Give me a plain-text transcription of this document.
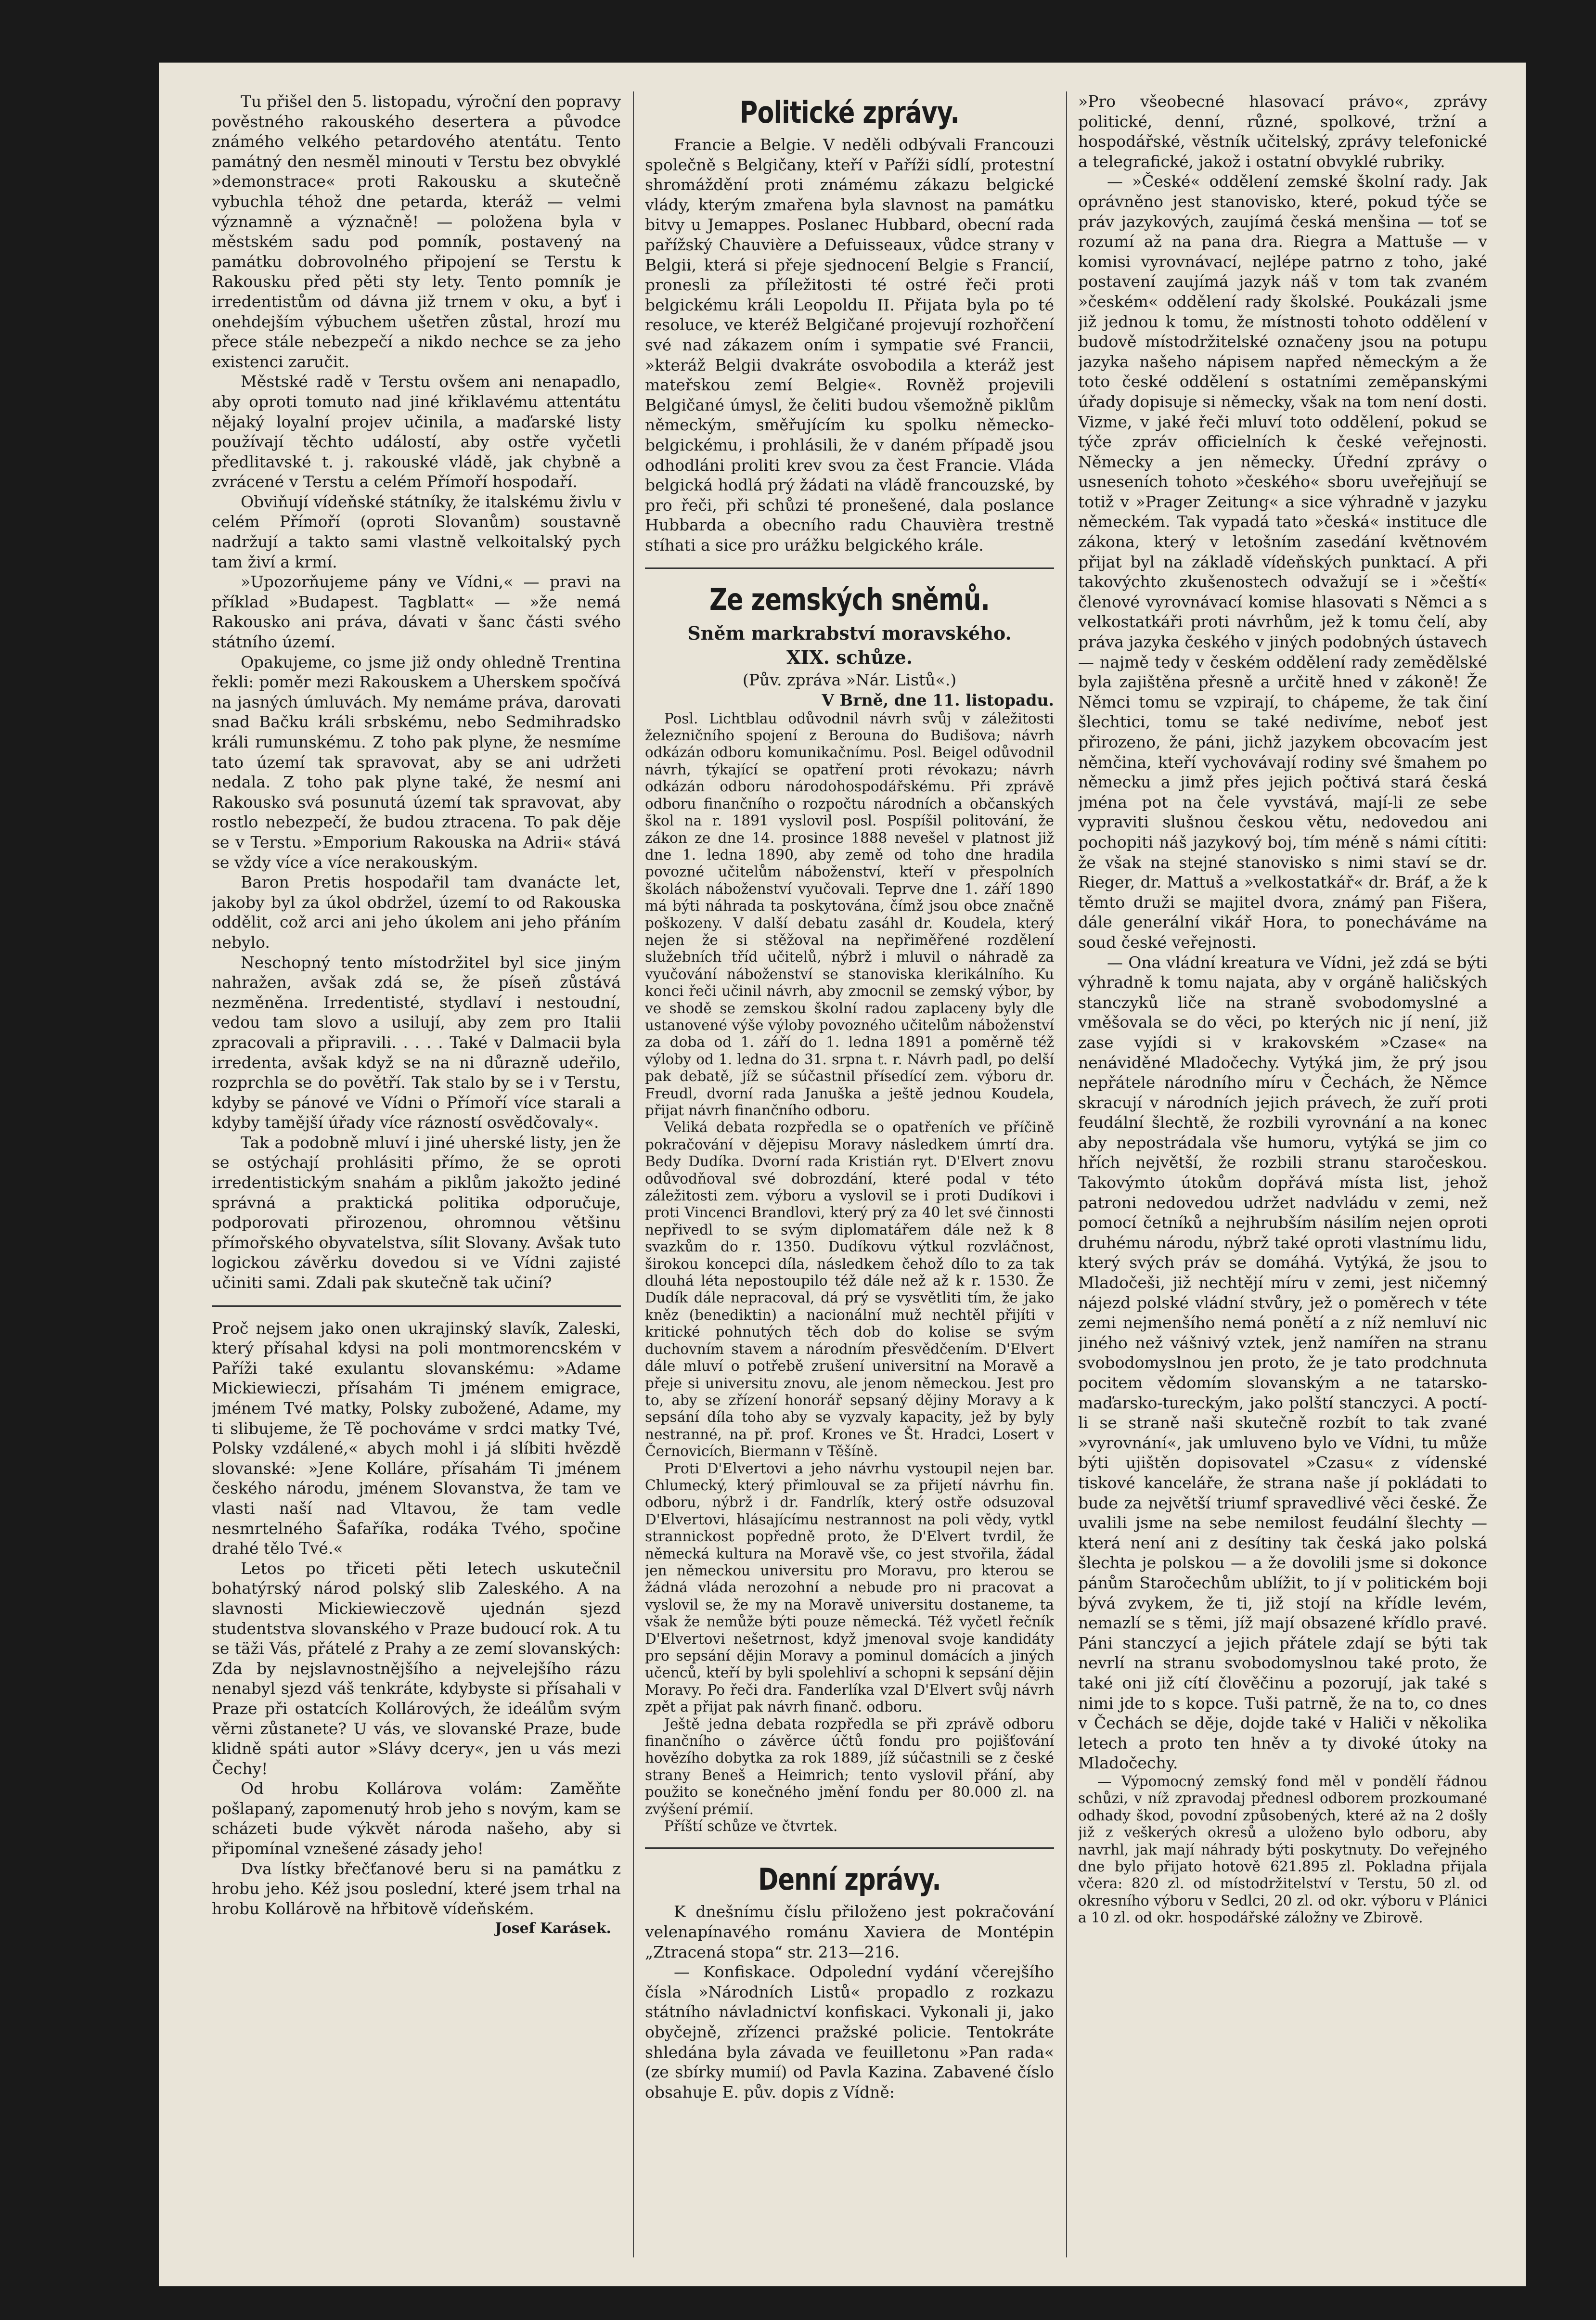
Tu přišel den 5. listopadu, výroční den popravy pověstného rakouského desertera a původce známého velkého petardového atentátu. Tento památný den nesměl minouti v Terstu bez obvyklé »demonstrace« proti Rakousku a skutečně vybuchla téhož dne petarda, kteráž — velmi významně a význačně! — položena byla v městském sadu pod pomník, postavený na památku dobrovolného připojení se Terstu k Rakousku před pěti sty lety. Tento pomník je irredentistům od dávna již trnem v oku, a byť i onehdejším výbuchem ušetřen zůstal, hrozí mu přece stále nebezpečí a nikdo nechce se za jeho existenci zaručit.

Městské radě v Terstu ovšem ani nenapadlo, aby oproti tomuto nad jiné křiklavému attentátu nějaký loyalní projev učinila, a maďarské listy používají těchto událostí, aby ostře vyčetli předlitavské t. j. rakouské vládě, jak chybně a zvrácené v Terstu a celém Přímoří hospodaří.

Obviňují vídeňské státníky, že italskému živlu v celém Přímoří (oproti Slovanům) soustavně nadržují a takto sami vlastně velkoitalský pych tam živí a krmí.

»Upozorňujeme pány ve Vídni,« — pravi na příklad »Budapest. Tagblatt« — »že nemá Rakousko ani práva, dávati v šanc části svého státního území.

Opakujeme, co jsme již ondy ohledně Trentina řekli: poměr mezi Rakouskem a Uherskem spočívá na jasných úmluvách. My nemáme práva, darovati snad Bačku králi srbskému, nebo Sedmihradsko králi rumunskému. Z toho pak plyne, že nesmíme tato území tak spravovat, aby se ani udržeti nedala. Z toho pak plyne také, že nesmí ani Rakousko svá posunutá území tak spravovat, aby rostlo nebezpečí, že budou ztracena. To pak děje se v Terstu. »Emporium Rakouska na Adrii« stává se vždy více a více nerakouským.

Baron Pretis hospodařil tam dvanácte let, jakoby byl za úkol obdržel, území to od Rakouska oddělit, což arci ani jeho úkolem ani jeho přáním nebylo.

Neschopný tento místodržitel byl sice jiným nahražen, avšak zdá se, že píseň zůstává nezměněna. Irredentisté, stydlaví i nestoudní, vedou tam slovo a usilují, aby zem pro Italii zpracovali a připravili. . . . . Také v Dalmacii byla irredenta, avšak když se na ni důrazně udeřilo, rozprchla se do povětří. Tak stalo by se i v Terstu, kdyby se pánové ve Vídni o Přímoří více starali a kdyby tamější úřady více rázností osvědčovaly«.

Tak a podobně mluví i jiné uherské listy, jen že se ostýchají prohlásiti přímo, že se oproti irredentistickým snahám a piklům jakožto jediné správná a praktická politika odporučuje, podporovati přirozenou, ohromnou většinu přímořského obyvatelstva, sílit Slovany. Avšak tuto logickou závěrku dovedou si ve Vídni zajisté učiniti sami. Zdali pak skutečně tak učiní?

Proč nejsem jako onen ukrajinský slavík, Zaleski, který přísahal kdysi na poli montmorencském v Paříži také exulantu slovanskému: »Adame Mickiewieczi, přísahám Ti jménem emigrace, jménem Tvé matky, Polsky zubožené, Adame, my ti slibujeme, že Tě pochováme v srdci matky Tvé, Polsky vzdálené,« abych mohl i já slíbiti hvězdě slovanské: »Jene Kolláre, přísahám Ti jménem českého národu, jménem Slovanstva, že tam ve vlasti naší nad Vltavou, že tam vedle nesmrtelného Šafaříka, rodáka Tvého, spočine drahé tělo Tvé.«

Letos po třiceti pěti letech uskutečnil bohatýrský národ polský slib Zaleského. A na slavnosti Mickiewieczově ujednán sjezd studentstva slovanského v Praze budoucí rok. A tu se täži Vás, přátelé z Prahy a ze zemí slovanských: Zda by nejslavnostnějšího a nejvelejšího rázu nenabyl sjezd váš tenkráte, kdybyste si přísahali v Praze při ostatcích Kollárových, že ideálům svým věrni zůstanete? U vás, ve slovanské Praze, bude klidně spáti autor »Slávy dcery«, jen u vás mezi Čechy!

Od hrobu Kollárova volám: Zaměňte pošlapaný, zapomenutý hrob jeho s novým, kam se scházeti bude výkvět národa našeho, aby si připomínal vznešené zásady jeho!

Dva lístky břečťanové beru si na památku z hrobu jeho. Kéž jsou poslední, které jsem trhal na hrobu Kollárově na hřbitově vídeňském.

Josef Karásek.
Politické zprávy.

Francie a Belgie. V neděli odbývali Francouzi společně s Belgičany, kteří v Paříži sídlí, protestní shromáždění proti známému zákazu belgické vlády, kterým zmařena byla slavnost na památku bitvy u Jemappes. Poslanec Hubbard, obecní rada pařížský Chauvière a Defuisseaux, vůdce strany v Belgii, která si přeje sjednocení Belgie s Francií, pronesli za příležitosti té ostré řeči proti belgickému králi Leopoldu II. Přijata byla po té resoluce, ve kteréž Belgičané projevují rozhořčení své nad zákazem oním i sympatie své Francii, »kteráž Belgii dvakráte osvobodila a kteráž jest mateřskou zemí Belgie«. Rovněž projevili Belgičané úmysl, že čeliti budou všemožně piklům německým, směřujícím ku spolku německo-belgickému, i prohlásili, že v daném případě jsou odhodláni proliti krev svou za čest Francie. Vláda belgická hodlá prý žádati na vládě francouzské, by pro řeči, při schůzi té pronešené, dala poslance Hubbarda a obecního radu Chauvièra trestně stíhati a sice pro urážku belgického krále.

Ze zemských sněmů.
Sněm markrabství moravského.
XIX. schůze.

(Pův. zpráva »Nár. Listů«.)

V Brně, dne 11. listopadu.

Posl. Lichtblau odůvodnil návrh svůj v záležitosti železničního spojení z Berouna do Budišova; návrh odkázán odboru komunikačnímu. Posl. Beigel odůvodnil návrh, týkající se opatření proti révokazu; návrh odkázán odboru národohospodářskému. Při zprávě odboru finančního o rozpočtu národních a občanských škol na r. 1891 vyslovil posl. Pospíšil politování, že zákon ze dne 14. prosince 1888 nevešel v platnost již dne 1. ledna 1890, aby země od toho dne hradila povozné učitelům náboženství, kteří v přespolních školách náboženství vyučovali. Teprve dne 1. září 1890 má býti náhrada ta poskytována, čímž jsou obce značně poškozeny. V další debatu zasáhl dr. Koudela, který nejen že si stěžoval na nepřiměřené rozdělení služebních tříd učitelů, nýbrž i mluvil o náhradě za vyučování náboženství se stanoviska klerikálního. Ku konci řeči učinil návrh, aby zmocnil se zemský výbor, by ve shodě se zemskou školní radou zaplaceny byly dle ustanovené výše výloby povozného učitelům náboženství za doba od 1. září do 1. ledna 1891 a poměrně též výloby od 1. ledna do 31. srpna t. r. Návrh padl, po delší pak debatě, jíž se súčastnil přísedící zem. výboru dr. Freudl, dvorní rada Januška a ještě jednou Koudela, přijat návrh finančního odboru.

Veliká debata rozpředla se o opatřeních ve příčině pokračování v dějepisu Moravy následkem úmrtí dra. Bedy Dudíka. Dvorní rada Kristián ryt. D'Elvert znovu odůvodňoval své dobrozdání, které podal v této záležitosti zem. výboru a vyslovil se i proti Dudíkovi i proti Vincenci Brandlovi, který prý za 40 let své činnosti nepřivedl to se svým diplomatářem dále než k 8 svazkům do r. 1350. Dudíkovu výtkul rozvláčnost, širokou koncepci díla, následkem čehož dílo to za tak dlouhá léta nepostoupilo též dále než až k r. 1530. Že Dudík dále nepracoval, dá prý se vysvětliti tím, že jako kněz (benediktin) a nacionální muž nechtěl přijíti v kritické pohnutých těch dob do kolise se svým duchovním stavem a národním přesvědčením. D'Elvert dále mluví o potřebě zrušení universitní na Moravě a přeje si universitu znovu, ale jenom německou. Jest pro to, aby se zřízení honorář sepsaný dějiny Moravy a k sepsání díla toho aby se vyzvaly kapacity, jež by byly nestranné, na př. prof. Krones ve Št. Hradci, Losert v Černovicích, Biermann v Těšíně.

Proti D'Elvertovi a jeho návrhu vystoupil nejen bar. Chlumecký, který přimlouval se za přijetí návrhu fin. odboru, nýbrž i dr. Fandrlík, který ostře odsuzoval D'Elvertovi, hlásajícímu nestrannost na poli vědy, vytkl strannickost popředně proto, že D'Elvert tvrdil, že německá kultura na Moravě vše, co jest stvořila, žádal jen německou universitu pro Moravu, pro kterou se žádná vláda nerozohní a nebude pro ni pracovat a vyslovil se, že my na Moravě universitu dostaneme, ta však že nemůže býti pouze německá. Též vyčetl řečník D'Elvertovi nešetrnost, když jmenoval svoje kandidáty pro sepsání dějin Moravy a pominul domácích a jiných učenců, kteří by byli spolehliví a schopni k sepsání dějin Moravy. Po řeči dra. Fanderlíka vzal D'Elvert svůj návrh zpět a přijat pak návrh finanč. odboru.

Ještě jedna debata rozpředla se při zprávě odboru finančního o závěrce účtů fondu pro pojišťování hovězího dobytka za rok 1889, jíž súčastnili se z české strany Beneš a Heimrich; tento vyslovil přání, aby použito se konečného jmění fondu per 80.000 zl. na zvýšení prémií.

Příští schůze ve čtvrtek.

Denní zprávy.

K dnešnímu číslu přiloženo jest pokračování velenapínavého románu Xaviera de Montépin „Ztracená stopa“ str. 213—216.

— Konfiskace. Odpolední vydání včerejšího čísla »Národních Listů« propadlo z rozkazu státního návladnictví konfiskaci. Vykonali ji, jako obyčejně, zřízenci pražské policie. Tentokráte shledána byla závada ve feuilletonu »Pan rada« (ze sbírky mumií) od Pavla Kazina. Zabavené číslo obsahuje E. pův. dopis z Vídně:

»Pro všeobecné hlasovací právo«, zprávy politické, denní, různé, spolkové, tržní a hospodářské, věstník učitelský, zprávy telefonické a telegrafické, jakož i ostatní obvyklé rubriky.

— »České« oddělení zemské školní rady. Jak oprávněno jest stanovisko, které, pokud týče se práv jazykových, zaujímá česká menšina — toť se rozumí až na pana dra. Riegra a Mattuše — v komisi vyrovnávací, nejlépe patrno z toho, jaké postavení zaujímá jazyk náš v tom tak zvaném »českém« oddělení rady školské. Poukázali jsme již jednou k tomu, že místnosti tohoto oddělení v budově místodržitelské označeny jsou na potupu jazyka našeho nápisem napřed německým a že toto české oddělení s ostatními zeměpanskými úřady dopisuje si německy, však na tom není dosti. Vizme, v jaké řeči mluví toto oddělení, pokud se týče zpráv officielních k české veřejnosti. Německy a jen německy. Úřední zprávy o usneseních tohoto »českého« sboru uveřejňují se totiž v »Prager Zeitung« a sice výhradně v jazyku německém. Tak vypadá tato »česká« instituce dle zákona, který v letošním zasedání květnovém přijat byl na základě vídeňských punktací. A při takovýchto zkušenostech odvažují se i »čeští« členové vyrovnávací komise hlasovati s Němci a s velkostatkáři proti návrhům, jež k tomu čelí, aby práva jazyka českého v jiných podobných ústavech — najmě tedy v českém oddělení rady zemědělské byla zajištěna přesně a určitě hned v zákoně! Že Němci tomu se vzpirají, to chápeme, že tak činí šlechtici, tomu se také nedivíme, neboť jest přirozeno, že páni, jichž jazykem obcovacím jest němčina, kteří vychovávají rodiny své šmahem po německu a jimž přes jejich počtivá stará česká jména pot na čele vyvstává, mají-li ze sebe vypraviti slušnou českou větu, nedovedou ani pochopiti náš jazykový boj, tím méně s námi cítiti: že však na stejné stanovisko s nimi staví se dr. Rieger, dr. Mattuš a »velkostatkář« dr. Bráf, a že k těmto druži se majitel dvora, známý pan Fišera, dále generální vikář Hora, to ponecháváme na soud české veřejnosti.

— Ona vládní kreatura ve Vídni, jež zdá se býti výhradně k tomu najata, aby v orgáně haličských stanczyků liče na straně svobodomyslné a vměšovala se do věci, po kterých nic jí není, již zase vyjídi si v krakovském »Czase« na nenáviděné Mladočechy. Vytýká jim, že prý jsou nepřátele národního míru v Čechách, že Němce skracují v národních jejich právech, že zuří proti feudální šlechtě, že rozbili vyrovnání a na konec aby nepostrádala vše humoru, vytýká se jim co hřích největší, že rozbili stranu staročeskou. Takovýmto útokům dopřává místa list, jehož patroni nedovedou udržet nadvládu v zemi, než pomocí četníků a nejhrubším násilím nejen oproti druhému národu, nýbrž také oproti vlastnímu lidu, který svých práv se domáhá. Vytýká, že jsou to Mladočeši, již nechtějí míru v zemi, jest ničemný nájezd polské vládní stvůry, jež o poměrech v téte zemi nejmenšího nemá ponětí a z níž nemluví nic jiného než vášnivý vztek, jenž namířen na stranu svobodomyslnou jen proto, že je tato prodchnuta pocitem vědomím slovanským a ne tatarsko-maďarsko-tureckým, jako polští stanczyci. A poctí-li se straně naši skutečně rozbít to tak zvané »vyrovnání«, jak umluveno bylo ve Vídni, tu může býti ujištěn dopisovatel »Czasu« z vídenské tiskové kanceláře, že strana naše jí pokládati to bude za největší triumf spravedlivé věci české. Že uvalili jsme na sebe nemilost feudální šlechty — která není ani z desítiny tak česká jako polská šlechta je polskou — a že dovolili jsme si dokonce pánům Staročechům ublížit, to jí v politickém boji bývá zvykem, že ti, již stojí na křídle levém, nemazlí se s těmi, jíž mají obsazené křídlo pravé. Páni stanczycí a jejich přátele zdají se býti tak nevrlí na stranu svobodomyslnou také proto, že také oni již cítí člověčinu a pozorují, jak také s nimi jde to s kopce. Tuši patrně, že na to, co dnes v Čechách se děje, dojde také v Haliči v několika letech a proto ten hněv a ty divoké útoky na Mladočechy.

— Výpomocný zemský fond měl v pondělí řádnou schůzi, v níž zpravodaj přednesl odborem prozkoumané odhady škod, povodní způsobených, které až na 2 došly již z veškerých okresů a uloženo bylo odboru, aby navrhl, jak mají náhrady býti poskytnuty. Do veřejného dne bylo přijato hotově 621.895 zl. Pokladna přijala včera: 820 zl. od místodržitelství v Terstu, 50 zl. od okresního výboru v Sedlci, 20 zl. od okr. výboru v Plánici a 10 zl. od okr. hospodářské záložny ve Zbirově.
